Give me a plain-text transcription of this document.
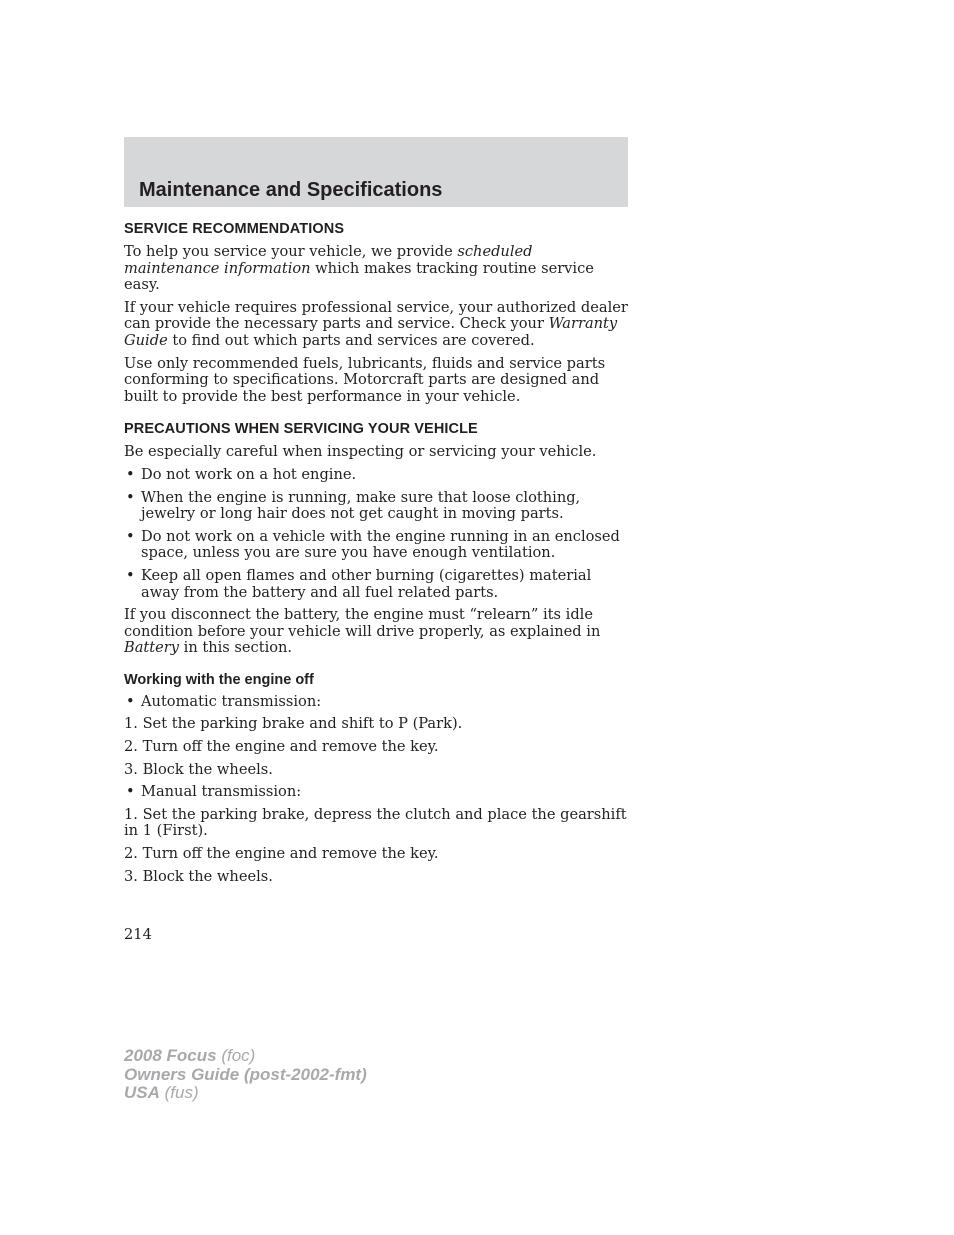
Maintenance and Specifications
SERVICE RECOMMENDATIONS

To help you service your vehicle, we provide scheduled maintenance information which makes tracking routine service easy.

If your vehicle requires professional service, your authorized dealer can provide the necessary parts and service. Check your Warranty Guide to find out which parts and services are covered.

Use only recommended fuels, lubricants, fluids and service parts conforming to specifications. Motorcraft parts are designed and built to provide the best performance in your vehicle.

PRECAUTIONS WHEN SERVICING YOUR VEHICLE

Be especially careful when inspecting or servicing your vehicle.

• Do not work on a hot engine.
• When the engine is running, make sure that loose clothing, jewelry or long hair does not get caught in moving parts.
• Do not work on a vehicle with the engine running in an enclosed space, unless you are sure you have enough ventilation.
• Keep all open flames and other burning (cigarettes) material away from the battery and all fuel related parts.

If you disconnect the battery, the engine must “relearn” its idle condition before your vehicle will drive properly, as explained in Battery in this section.

Working with the engine off
• Automatic transmission:

1. Set the parking brake and shift to P (Park).

2. Turn off the engine and remove the key.

3. Block the wheels.

• Manual transmission:

1. Set the parking brake, depress the clutch and place the gearshift in 1 (First).

2. Turn off the engine and remove the key.

3. Block the wheels.

214

2008 Focus (foc)
Owners Guide (post-2002-fmt)
USA (fus)
